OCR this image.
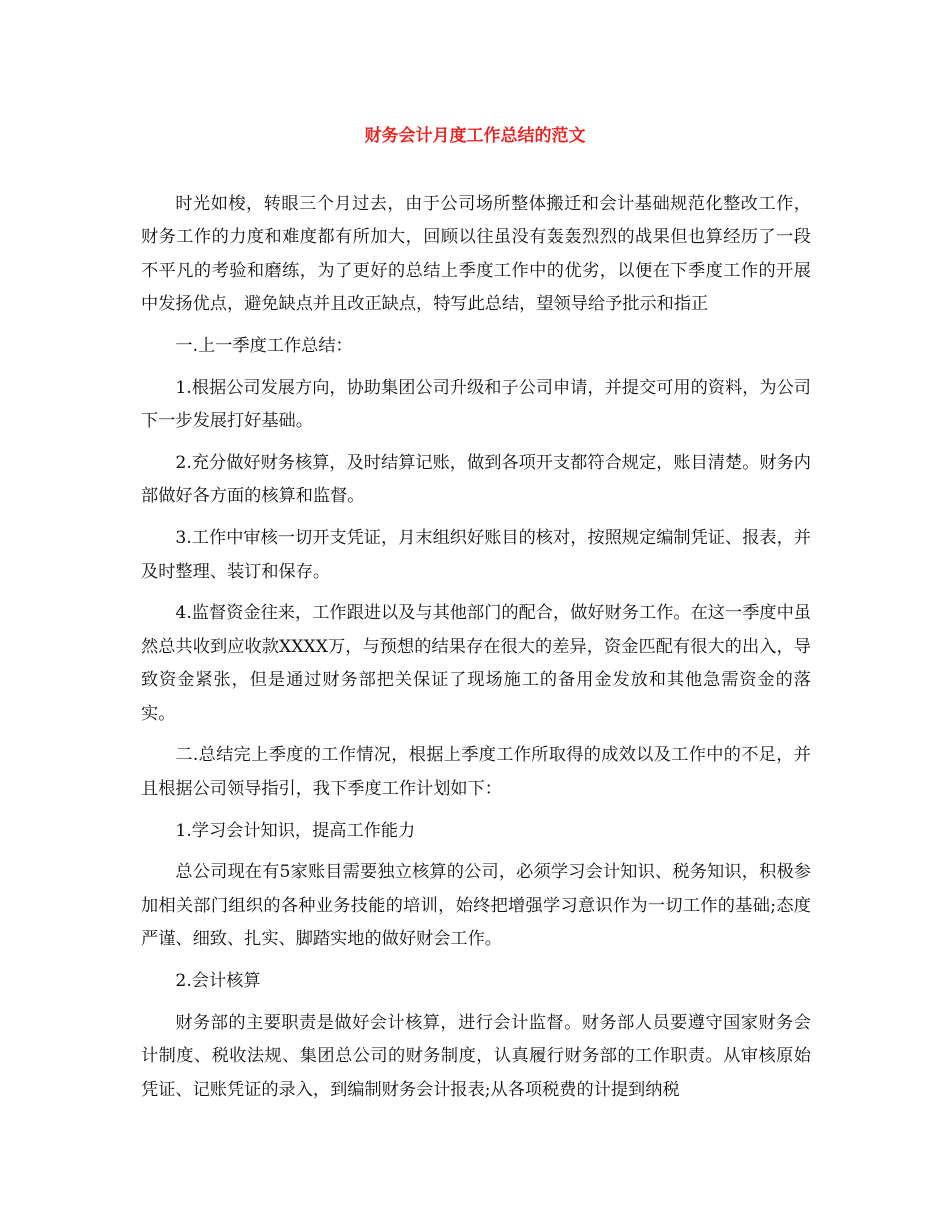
财务会计月度工作总结的范文

时光如梭，转眼三个月过去，由于公司场所整体搬迁和会计基础规范化整改工作，财务工作的力度和难度都有所加大，回顾以往虽没有轰轰烈烈的战果但也算经历了一段不平凡的考验和磨练，为了更好的总结上季度工作中的优劣，以便在下季度工作的开展中发扬优点，避免缺点并且改正缺点，特写此总结，望领导给予批示和指正

一.上一季度工作总结：

1.根据公司发展方向，协助集团公司升级和子公司申请，并提交可用的资料，为公司下一步发展打好基础。

2.充分做好财务核算，及时结算记账，做到各项开支都符合规定，账目清楚。财务内部做好各方面的核算和监督。

3.工作中审核一切开支凭证，月末组织好账目的核对，按照规定编制凭证、报表，并及时整理、装订和保存。

4.监督资金往来，工作跟进以及与其他部门的配合，做好财务工作。在这一季度中虽然总共收到应收款XXXX万，与预想的结果存在很大的差异，资金匹配有很大的出入，导致资金紧张，但是通过财务部把关保证了现场施工的备用金发放和其他急需资金的落实。

二.总结完上季度的工作情况，根据上季度工作所取得的成效以及工作中的不足，并且根据公司领导指引，我下季度工作计划如下：

1.学习会计知识，提高工作能力

总公司现在有5家账目需要独立核算的公司，必须学习会计知识、税务知识，积极参加相关部门组织的各种业务技能的培训，始终把增强学习意识作为一切工作的基础;态度严谨、细致、扎实、脚踏实地的做好财会工作。

2.会计核算

财务部的主要职责是做好会计核算，进行会计监督。财务部人员要遵守国家财务会计制度、税收法规、集团总公司的财务制度，认真履行财务部的工作职责。从审核原始凭证、记账凭证的录入，到编制财务会计报表;从各项税费的计提到纳税
